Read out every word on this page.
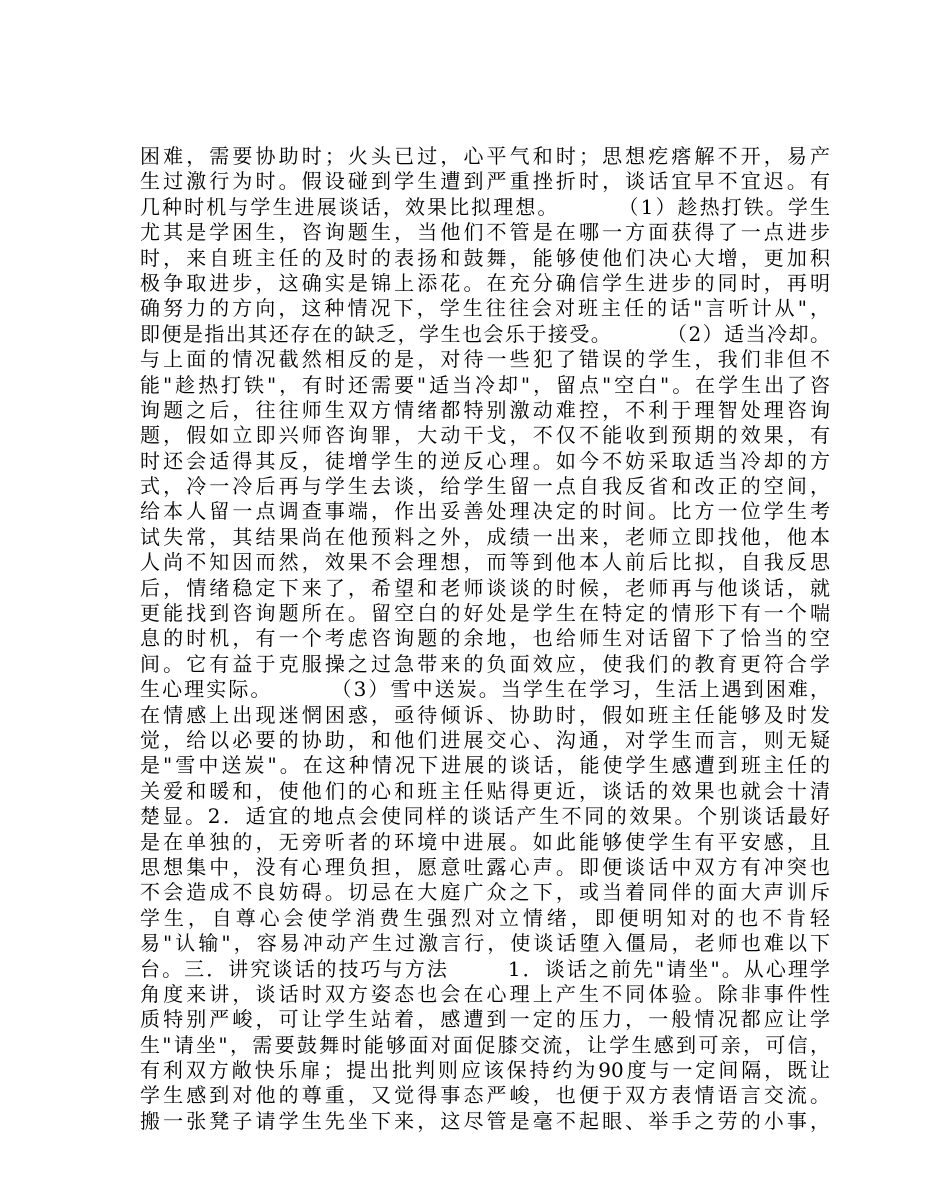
困难，需要协助时；火头已过，心平气和时；思想疙瘩解不开，易产
生过激行为时。假设碰到学生遭到严重挫折时，谈话宜早不宜迟。有
几种时机与学生进展谈话，效果比拟理想。       （1）趁热打铁。学生
尤其是学困生，咨询题生，当他们不管是在哪一方面获得了一点进步
时，来自班主任的及时的表扬和鼓舞，能够使他们决心大增，更加积
极争取进步，这确实是锦上添花。在充分确信学生进步的同时，再明
确努力的方向，这种情况下，学生往往会对班主任的话"言听计从"，
即便是指出其还存在的缺乏，学生也会乐于接受。       （2）适当冷却。
与上面的情况截然相反的是，对待一些犯了错误的学生，我们非但不
能"趁热打铁"，有时还需要"适当冷却"，留点"空白"。在学生出了咨
询题之后，往往师生双方情绪都特别激动难控，不利于理智处理咨询
题，假如立即兴师咨询罪，大动干戈，不仅不能收到预期的效果，有
时还会适得其反，徒增学生的逆反心理。如今不妨采取适当冷却的方
式，冷一冷后再与学生去谈，给学生留一点自我反省和改正的空间，
给本人留一点调查事端，作出妥善处理决定的时间。比方一位学生考
试失常，其结果尚在他预料之外，成绩一出来，老师立即找他，他本
人尚不知因而然，效果不会理想，而等到他本人前后比拟，自我反思
后，情绪稳定下来了，希望和老师谈谈的时候，老师再与他谈话，就
更能找到咨询题所在。留空白的好处是学生在特定的情形下有一个喘
息的时机，有一个考虑咨询题的余地，也给师生对话留下了恰当的空
间。它有益于克服操之过急带来的负面效应，使我们的教育更符合学
生心理实际。       （3）雪中送炭。当学生在学习，生活上遇到困难，
在情感上出现迷惘困惑，亟待倾诉、协助时，假如班主任能够及时发
觉，给以必要的协助，和他们进展交心、沟通，对学生而言，则无疑
是"雪中送炭"。在这种情况下进展的谈话，能使学生感遭到班主任的
关爱和暖和，使他们的心和班主任贴得更近，谈话的效果也就会十清
楚显。2．适宜的地点会使同样的谈话产生不同的效果。个别谈话最好
是在单独的，无旁听者的环境中进展。如此能够使学生有平安感，且
思想集中，没有心理负担，愿意吐露心声。即便谈话中双方有冲突也
不会造成不良妨碍。切忌在大庭广众之下，或当着同伴的面大声训斥
学生，自尊心会使学消费生强烈对立情绪，即便明知对的也不肯轻
易"认输"，容易冲动产生过激言行，使谈话堕入僵局，老师也难以下
台。三．讲究谈话的技巧与方法       1．谈话之前先"请坐"。从心理学
角度来讲，谈话时双方姿态也会在心理上产生不同体验。除非事件性
质特别严峻，可让学生站着，感遭到一定的压力，一般情况都应让学
生"请坐"，需要鼓舞时能够面对面促膝交流，让学生感到可亲，可信，
有利双方敞快乐扉；提出批判则应该保持约为90度与一定间隔，既让
学生感到对他的尊重，又觉得事态严峻，也便于双方表情语言交流。
搬一张凳子请学生先坐下来，这尽管是毫不起眼、举手之劳的小事，
